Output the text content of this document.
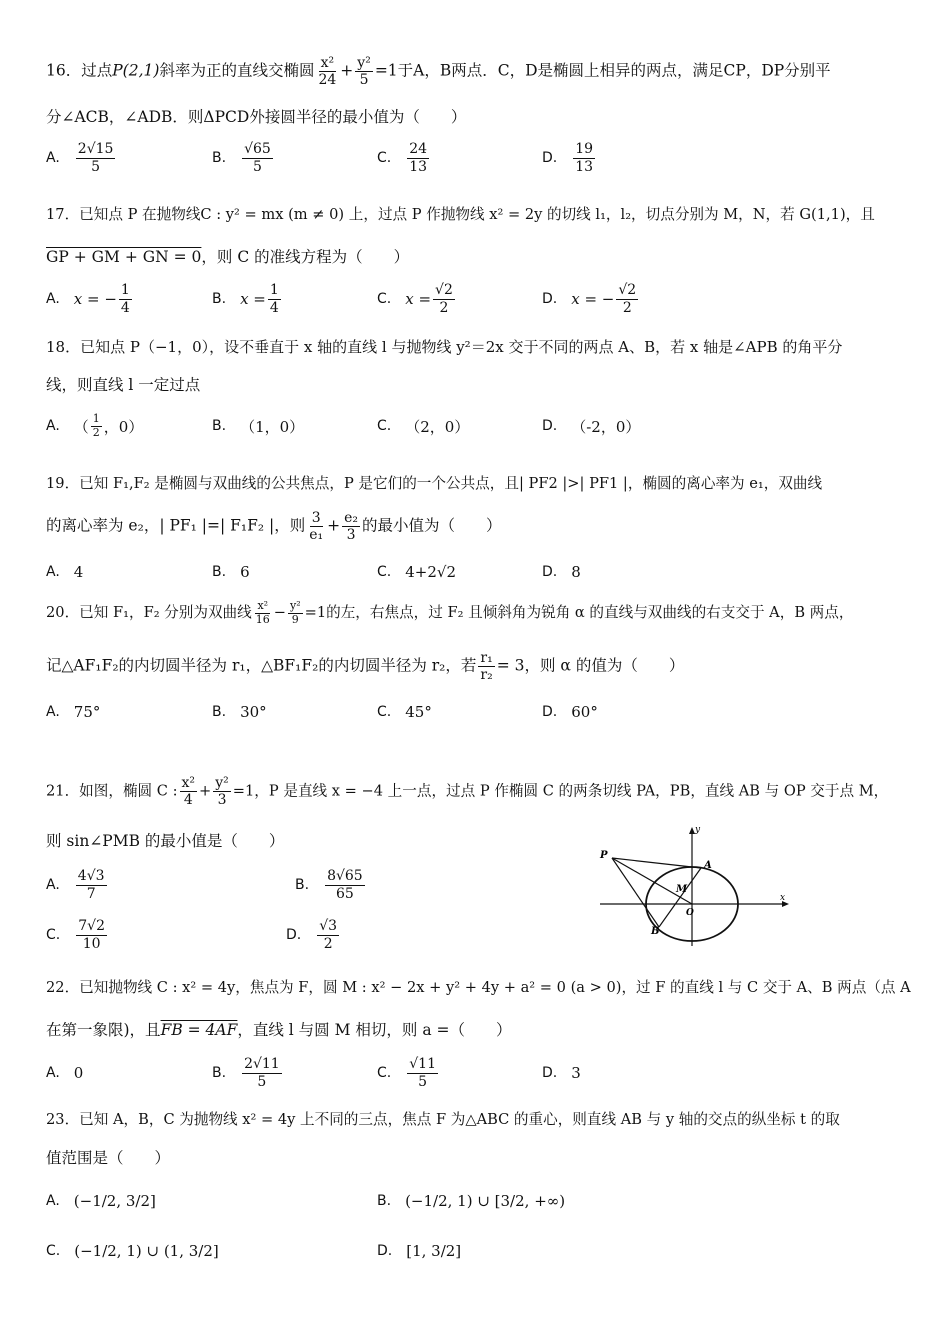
16．过点P(2,1)斜率为正的直线交椭圆 $\frac{\text{x²}}{24} + \frac{\text{y²}}{5} =1$于A，B两点．C，D是椭圆上相异的两点，满足CP，DP分别平
分∠ACB，∠ADB．则ΔPCD外接圆半径的最小值为（　　）
A. $\frac{2√15}{5}$	B. $\frac{√65}{5}$	C. $\frac{24}{13}$	D. $\frac{19}{13}$
17．已知点 P 在抛物线C : y² = mx (m ≠ 0) 上，过点 P 作抛物线 x² = 2y 的切线 l₁，l₂，切点分别为 M，N，若 G(1,1)，且
GP + GM + GN = 0，则 C 的准线方程为（　　）
A. x = − $\frac{1}{4}$	B. $x = \frac{1}{4}$	C. $x = \frac{√2}{2}$	D. x = − $\frac{√2}{2}$
18．已知点 P（−1，0），设不垂直于 x 轴的直线 l 与抛物线 y²＝2x 交于不同的两点 A、B，若 x 轴是∠APB 的角平分
线，则直线 l 一定过点
A. （ $\frac{1}{2}$ ，0）	B. （1，0）	C. （2，0）	D. （-2，0）
19．已知 F₁,F₂ 是椭圆与双曲线的公共焦点，P 是它们的一个公共点，且| PF2 |>| PF1 |，椭圆的离心率为 e₁，双曲线
的离心率为 e₂，| PF₁ |=| F₁F₂ |，则 $\frac{3}{\text{e₁}} + \frac{\text{e₂}}{3}$ 的最小值为（　　）
A. 4	B. 6	C. 4+2√2	D. 8
20．已知 F₁，F₂ 分别为双曲线 $\frac{\text{x²}}{16} - \frac{\text{y²}}{9} =1$的左，右焦点，过 F₂ 且倾斜角为锐角 α 的直线与双曲线的右支交于 A，B 两点，
记△AF₁F₂的内切圆半径为 r₁，△BF₁F₂的内切圆半径为 r₂，若 $\frac{\text{r₁}}{\text{r₂}} = 3$，则 α 的值为（　　）
A. 75°	B. 30°	C. 45°	D. 60°
21．如图，椭圆 C : $\frac{\text{x²}}{4} + \frac{\text{y²}}{3} =1$，P 是直线 x = −4 上一点，过点 P 作椭圆 C 的两条切线 PA，PB，直线 AB 与 OP 交于点 M，
则 sin∠PMB 的最小值是（　　）
A. $\frac{4√3}{7}$	B. $\frac{8√65}{65}$
C. $\frac{7√2}{10}$	D. $\frac{√3}{2}$
P
A
M
O
B
x
y
22．已知抛物线 C : x² = 4y，焦点为 F，圆 M : x² − 2x + y² + 4y + a² = 0 (a > 0)，过 F 的直线 l 与 C 交于 A、B 两点（点 A
在第一象限)，且FB = 4AF，直线 l 与圆 M 相切，则 a =（　　）
A. 0	B. $\frac{2√11}{5}$	C. $\frac{√11}{5}$	D. 3
23．已知 A，B，C 为抛物线 x² = 4y 上不同的三点，焦点 F 为△ABC 的重心，则直线 AB 与 y 轴的交点的纵坐标 t 的取
值范围是（　　）
A. (−1/2, 3/2]	B. (−1/2, 1) ∪ [3/2, +∞)
C. (−1/2, 1) ∪ (1, 3/2]	D. [1, 3/2]
